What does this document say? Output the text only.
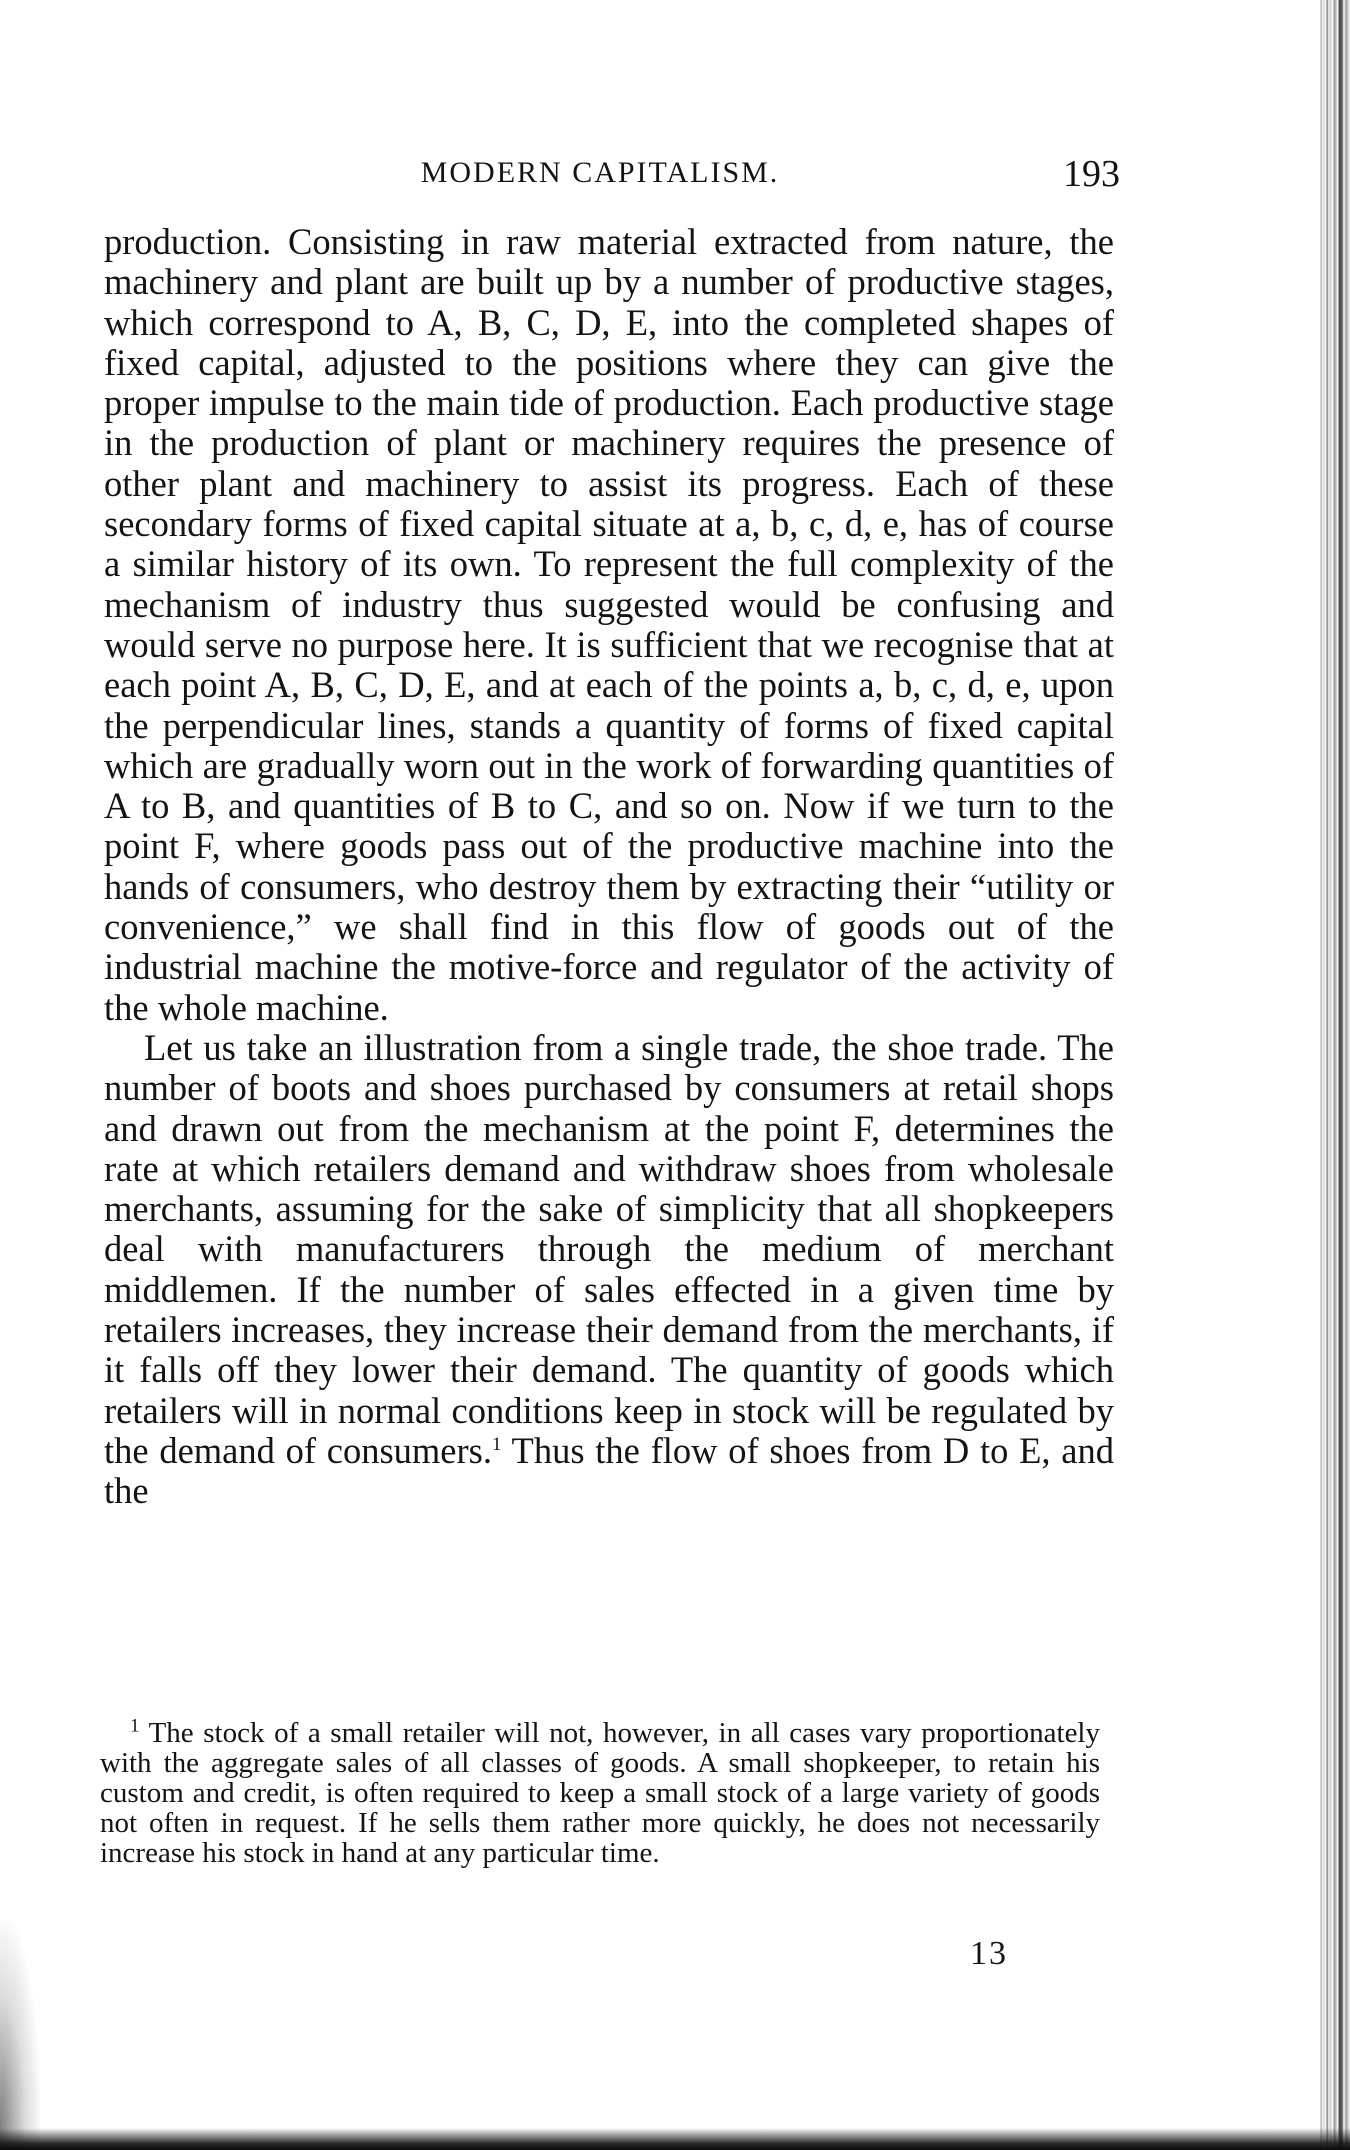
MODERN CAPITALISM.	193

production. Consisting in raw material extracted from nature, the machinery and plant are built up by a number of productive stages, which correspond to A, B, C, D, E, into the completed shapes of fixed capital, adjusted to the positions where they can give the proper impulse to the main tide of production. Each productive stage in the production of plant or machinery requires the presence of other plant and machinery to assist its progress. Each of these secondary forms of fixed capital situate at a, b, c, d, e, has of course a similar history of its own. To represent the full complexity of the mechanism of industry thus suggested would be confusing and would serve no purpose here. It is sufficient that we recognise that at each point A, B, C, D, E, and at each of the points a, b, c, d, e, upon the perpendicular lines, stands a quantity of forms of fixed capital which are gradually worn out in the work of forwarding quantities of A to B, and quantities of B to C, and so on. Now if we turn to the point F, where goods pass out of the productive machine into the hands of consumers, who destroy them by extracting their “utility or convenience,” we shall find in this flow of goods out of the industrial machine the motive-force and regulator of the activity of the whole machine.

Let us take an illustration from a single trade, the shoe trade. The number of boots and shoes purchased by consumers at retail shops and drawn out from the mechanism at the point F, determines the rate at which retailers demand and withdraw shoes from wholesale merchants, assuming for the sake of simplicity that all shopkeepers deal with manufacturers through the medium of merchant middlemen. If the number of sales effected in a given time by retailers increases, they increase their demand from the merchants, if it falls off they lower their demand. The quantity of goods which retailers will in normal conditions keep in stock will be regulated by the demand of consumers.$^1$ Thus the flow of shoes from D to E, and the

$^1$ The stock of a small retailer will not, however, in all cases vary proportionately with the aggregate sales of all classes of goods. A small shopkeeper, to retain his custom and credit, is often required to keep a small stock of a large variety of goods not often in request. If he sells them rather more quickly, he does not necessarily increase his stock in hand at any particular time.

13
